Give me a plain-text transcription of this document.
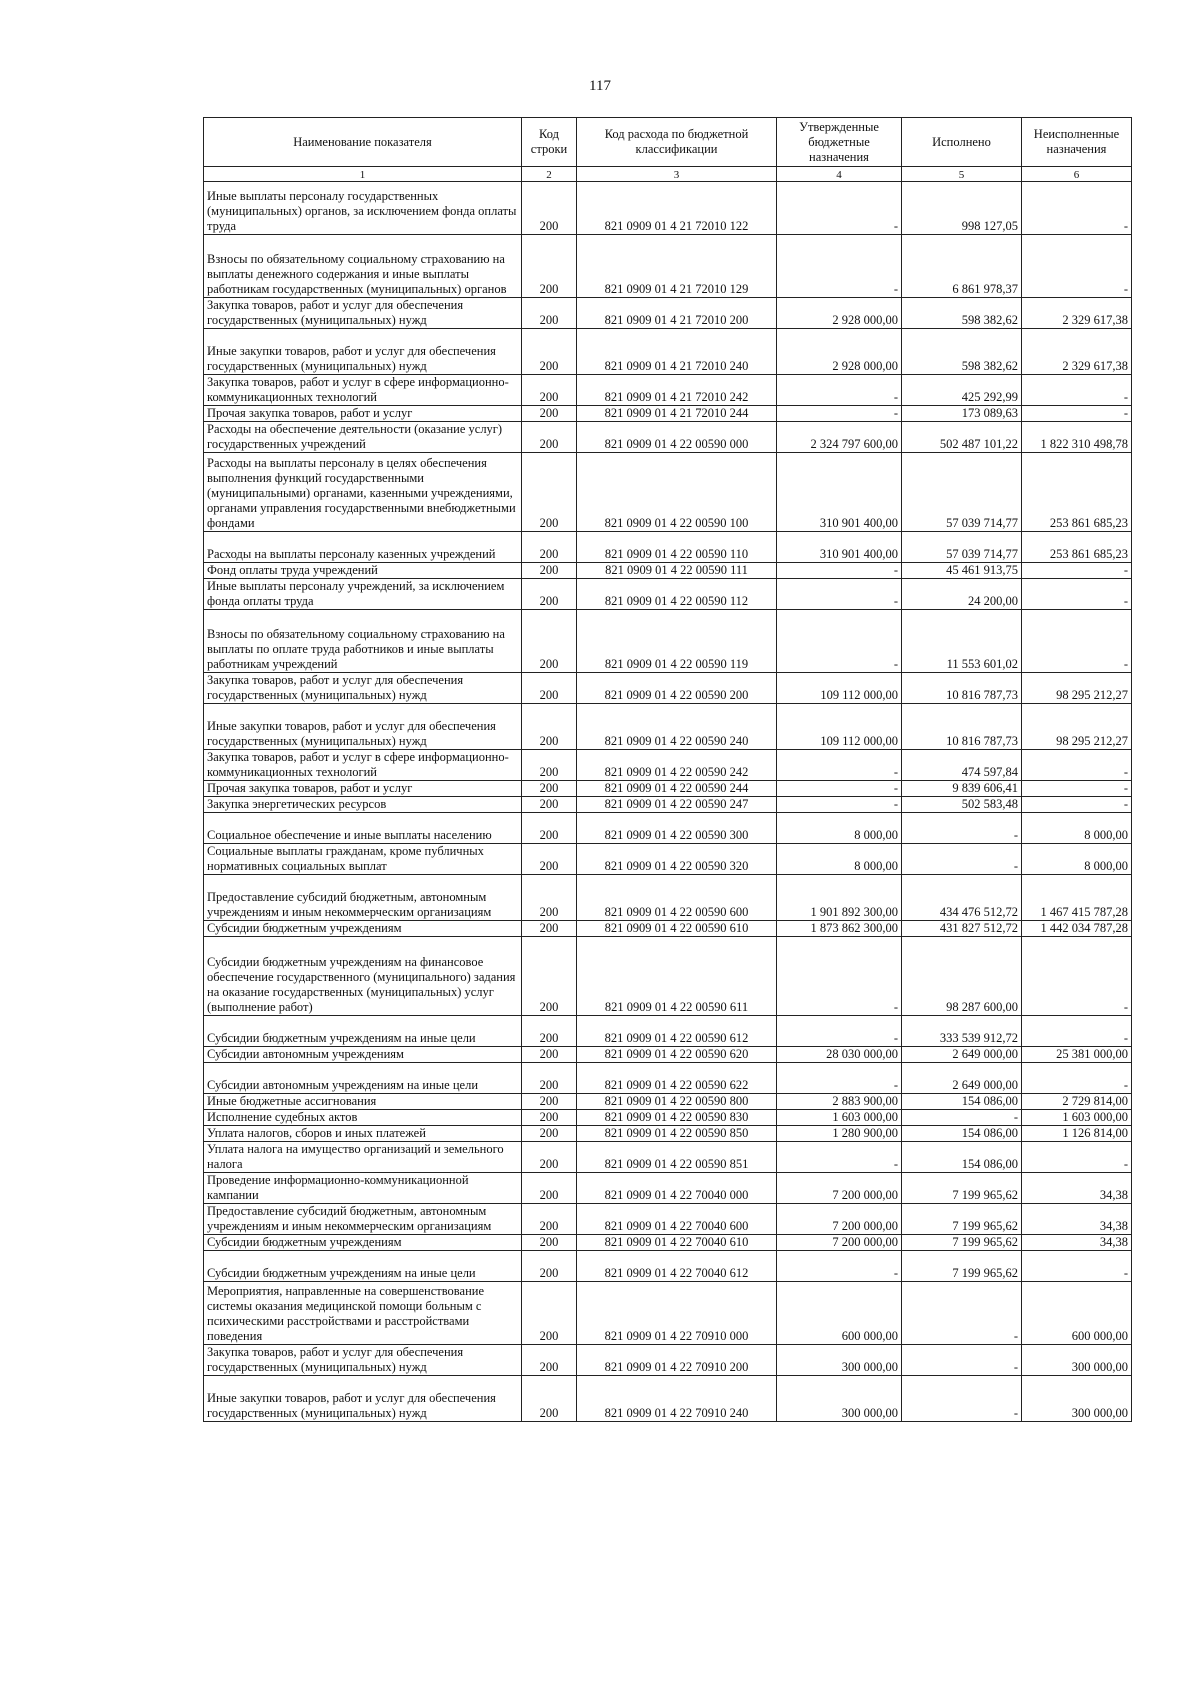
117
Наименование показателя	Код строки	Код расхода по бюджетной классификации	Утвержденные бюджетные назначения	Исполнено	Неисполненные назначения
1	2	3	4	5	6
Иные выплаты персоналу государственных (муниципальных) органов, за исключением фонда оплаты труда	200	821 0909 01 4 21 72010 122	-	998 127,05	-
Взносы по обязательному социальному страхованию на выплаты денежного содержания и иные выплаты работникам государственных (муниципальных) органов	200	821 0909 01 4 21 72010 129	-	6 861 978,37	-
Закупка товаров, работ и услуг для обеспечения государственных (муниципальных) нужд	200	821 0909 01 4 21 72010 200	2 928 000,00	598 382,62	2 329 617,38
Иные закупки товаров, работ и услуг для обеспечения государственных (муниципальных) нужд	200	821 0909 01 4 21 72010 240	2 928 000,00	598 382,62	2 329 617,38
Закупка товаров, работ и услуг в сфере информационно-коммуникационных технологий	200	821 0909 01 4 21 72010 242	-	425 292,99	-
Прочая закупка товаров, работ и услуг	200	821 0909 01 4 21 72010 244	-	173 089,63	-
Расходы на обеспечение деятельности (оказание услуг) государственных учреждений	200	821 0909 01 4 22 00590 000	2 324 797 600,00	502 487 101,22	1 822 310 498,78
Расходы на выплаты персоналу в целях обеспечения выполнения функций государственными (муниципальными) органами, казенными учреждениями, органами управления государственными внебюджетными фондами	200	821 0909 01 4 22 00590 100	310 901 400,00	57 039 714,77	253 861 685,23
Расходы на выплаты персоналу казенных учреждений	200	821 0909 01 4 22 00590 110	310 901 400,00	57 039 714,77	253 861 685,23
Фонд оплаты труда учреждений	200	821 0909 01 4 22 00590 111	-	45 461 913,75	-
Иные выплаты персоналу учреждений, за исключением фонда оплаты труда	200	821 0909 01 4 22 00590 112	-	24 200,00	-
Взносы по обязательному социальному страхованию на выплаты по оплате труда работников и иные выплаты работникам учреждений	200	821 0909 01 4 22 00590 119	-	11 553 601,02	-
Закупка товаров, работ и услуг для обеспечения государственных (муниципальных) нужд	200	821 0909 01 4 22 00590 200	109 112 000,00	10 816 787,73	98 295 212,27
Иные закупки товаров, работ и услуг для обеспечения государственных (муниципальных) нужд	200	821 0909 01 4 22 00590 240	109 112 000,00	10 816 787,73	98 295 212,27
Закупка товаров, работ и услуг в сфере информационно-коммуникационных технологий	200	821 0909 01 4 22 00590 242	-	474 597,84	-
Прочая закупка товаров, работ и услуг	200	821 0909 01 4 22 00590 244	-	9 839 606,41	-
Закупка энергетических ресурсов	200	821 0909 01 4 22 00590 247	-	502 583,48	-
Социальное обеспечение и иные выплаты населению	200	821 0909 01 4 22 00590 300	8 000,00	-	8 000,00
Социальные выплаты гражданам, кроме публичных нормативных социальных выплат	200	821 0909 01 4 22 00590 320	8 000,00	-	8 000,00
Предоставление субсидий бюджетным, автономным учреждениям и иным некоммерческим организациям	200	821 0909 01 4 22 00590 600	1 901 892 300,00	434 476 512,72	1 467 415 787,28
Субсидии бюджетным учреждениям	200	821 0909 01 4 22 00590 610	1 873 862 300,00	431 827 512,72	1 442 034 787,28
Субсидии бюджетным учреждениям на финансовое обеспечение государственного (муниципального) задания на оказание государственных (муниципальных) услуг (выполнение работ)	200	821 0909 01 4 22 00590 611	-	98 287 600,00	-
Субсидии бюджетным учреждениям на иные цели	200	821 0909 01 4 22 00590 612	-	333 539 912,72	-
Субсидии автономным учреждениям	200	821 0909 01 4 22 00590 620	28 030 000,00	2 649 000,00	25 381 000,00
Субсидии автономным учреждениям на иные цели	200	821 0909 01 4 22 00590 622	-	2 649 000,00	-
Иные бюджетные ассигнования	200	821 0909 01 4 22 00590 800	2 883 900,00	154 086,00	2 729 814,00
Исполнение судебных актов	200	821 0909 01 4 22 00590 830	1 603 000,00	-	1 603 000,00
Уплата налогов, сборов и иных платежей	200	821 0909 01 4 22 00590 850	1 280 900,00	154 086,00	1 126 814,00
Уплата налога на имущество организаций и земельного налога	200	821 0909 01 4 22 00590 851	-	154 086,00	-
Проведение информационно-коммуникационной кампании	200	821 0909 01 4 22 70040 000	7 200 000,00	7 199 965,62	34,38
Предоставление субсидий бюджетным, автономным учреждениям и иным некоммерческим организациям	200	821 0909 01 4 22 70040 600	7 200 000,00	7 199 965,62	34,38
Субсидии бюджетным учреждениям	200	821 0909 01 4 22 70040 610	7 200 000,00	7 199 965,62	34,38
Субсидии бюджетным учреждениям на иные цели	200	821 0909 01 4 22 70040 612	-	7 199 965,62	-
Мероприятия, направленные на совершенствование системы оказания медицинской помощи больным с психическими расстройствами и расстройствами поведения	200	821 0909 01 4 22 70910 000	600 000,00	-	600 000,00
Закупка товаров, работ и услуг для обеспечения государственных (муниципальных) нужд	200	821 0909 01 4 22 70910 200	300 000,00	-	300 000,00
Иные закупки товаров, работ и услуг для обеспечения государственных (муниципальных) нужд	200	821 0909 01 4 22 70910 240	300 000,00	-	300 000,00
